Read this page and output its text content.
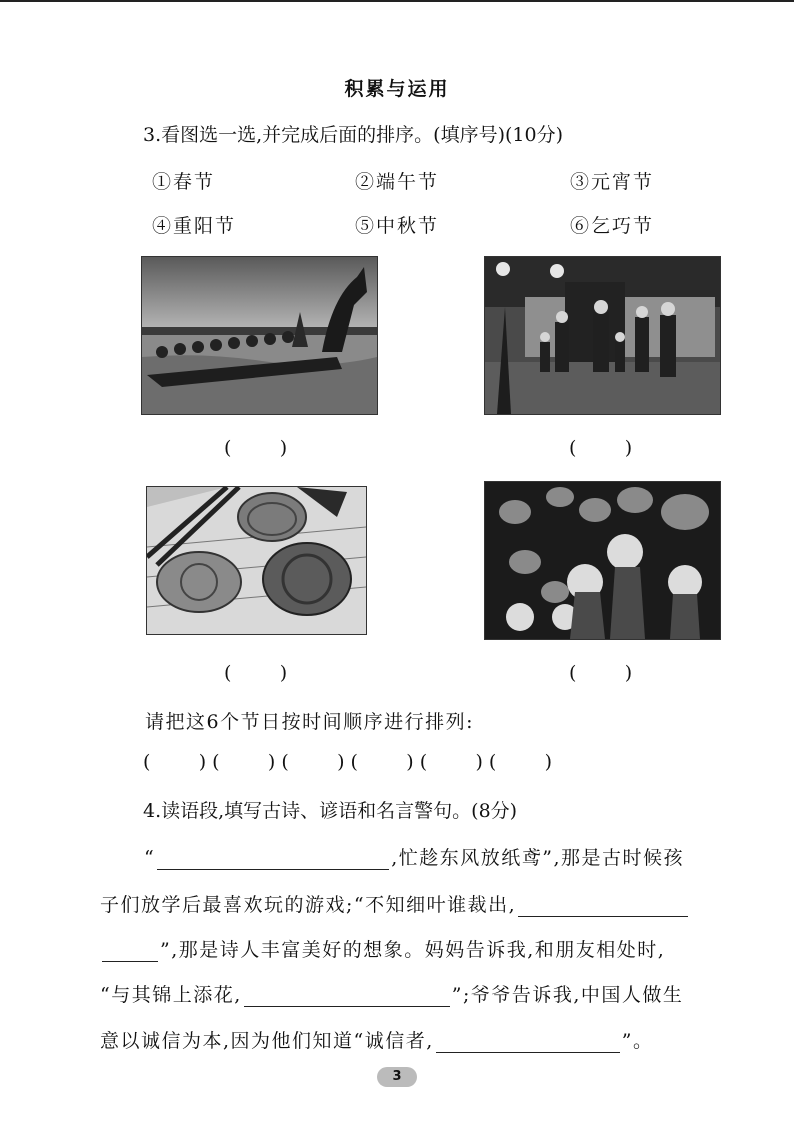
积累与运用
3.看图选一选,并完成后面的排序。(填序号)(10分)
①春节	②端午节	③元宵节
④重阳节	⑤中秋节	⑥乞巧节
(        )	(        )
(        )	(        )
请把这6个节日按时间顺序进行排列:
(        ) (        ) (        ) (        ) (        ) (        )
4.读语段,填写古诗、谚语和名言警句。(8分)
“	,忙趁东风放纸鸢”,那是古时候孩
子们放学后最喜欢玩的游戏;“不知细叶谁裁出,
”,那是诗人丰富美好的想象。妈妈告诉我,和朋友相处时,
“与其锦上添花,	”;爷爷告诉我,中国人做生
意以诚信为本,因为他们知道“诚信者,	”。
3
